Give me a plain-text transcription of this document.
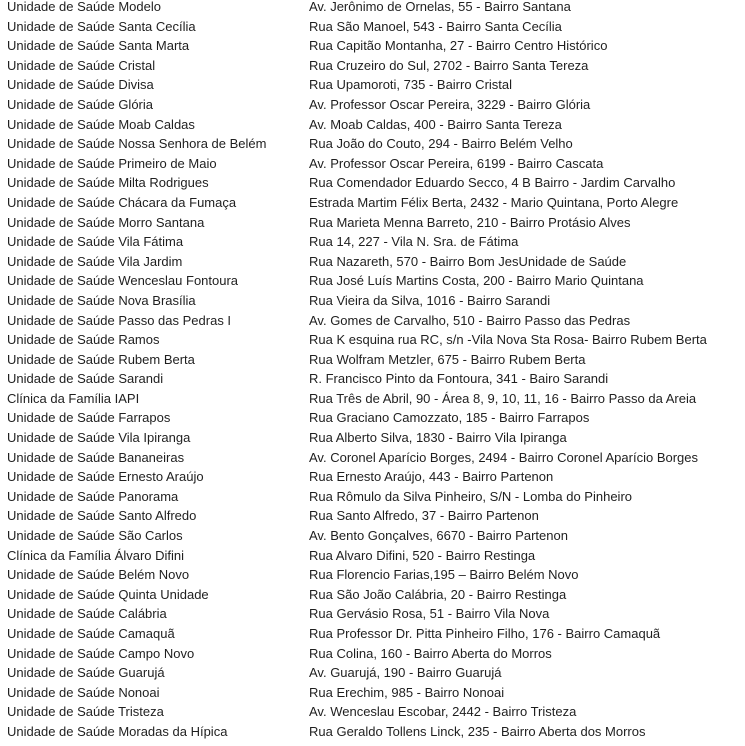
Unidade de Saúde Modelo	Av. Jerônimo de Ornelas, 55 - Bairro Santana
Unidade de Saúde Santa Cecília	Rua São Manoel, 543 - Bairro Santa Cecília
Unidade de Saúde Santa Marta	Rua Capitão Montanha, 27 - Bairro Centro Histórico
Unidade de Saúde Cristal	Rua Cruzeiro do Sul, 2702 - Bairro Santa Tereza
Unidade de Saúde Divisa	Rua Upamoroti, 735 - Bairro Cristal
Unidade de Saúde Glória	Av. Professor Oscar Pereira, 3229 - Bairro Glória
Unidade de Saúde Moab Caldas	Av. Moab Caldas, 400 - Bairro Santa Tereza
Unidade de Saúde Nossa Senhora de Belém	Rua João do Couto, 294 - Bairro Belém Velho
Unidade de Saúde Primeiro de Maio	Av. Professor Oscar Pereira, 6199 - Bairro Cascata
Unidade de Saúde Milta Rodrigues	Rua Comendador Eduardo Secco, 4 B Bairro - Jardim Carvalho
Unidade de Saúde Chácara da Fumaça	Estrada Martim Félix Berta, 2432 - Mario Quintana, Porto Alegre
Unidade de Saúde Morro Santana	Rua Marieta Menna Barreto, 210 - Bairro Protásio Alves
Unidade de Saúde Vila Fátima	Rua 14, 227 - Vila N. Sra. de Fátima
Unidade de Saúde Vila Jardim	Rua Nazareth, 570 - Bairro Bom JesUnidade de Saúde
Unidade de Saúde Wenceslau Fontoura	Rua José Luís Martins Costa, 200 - Bairro Mario Quintana
Unidade de Saúde Nova Brasília	Rua Vieira da Silva, 1016 - Bairro Sarandi
Unidade de Saúde Passo das Pedras I	Av. Gomes de Carvalho, 510 - Bairro Passo das Pedras
Unidade de Saúde Ramos	Rua K esquina rua RC, s/n -Vila Nova Sta Rosa- Bairro Rubem Berta
Unidade de Saúde Rubem Berta	Rua Wolfram Metzler, 675 - Bairro Rubem Berta
Unidade de Saúde Sarandi	R. Francisco Pinto da Fontoura, 341 - Bairo Sarandi
Clínica da Família IAPI	Rua Três de Abril, 90 - Área 8, 9, 10, 11, 16 - Bairro Passo da Areia
Unidade de Saúde Farrapos	Rua Graciano Camozzato, 185 - Bairro Farrapos
Unidade de Saúde Vila Ipiranga	Rua Alberto Silva, 1830 - Bairro Vila Ipiranga
Unidade de Saúde Bananeiras	Av. Coronel Aparício Borges, 2494 - Bairro Coronel Aparício Borges
Unidade de Saúde Ernesto Araújo	Rua Ernesto Araújo, 443 - Bairro Partenon
Unidade de Saúde Panorama	Rua Rômulo da Silva Pinheiro, S/N - Lomba do Pinheiro
Unidade de Saúde Santo Alfredo	Rua Santo Alfredo, 37 - Bairro Partenon
Unidade de Saúde São Carlos	Av. Bento Gonçalves, 6670 - Bairro Partenon
Clínica da Família Álvaro Difini	Rua Alvaro Difini, 520 - Bairro Restinga
Unidade de Saúde Belém Novo	Rua Florencio Farias,195 – Bairro Belém Novo
Unidade de Saúde Quinta Unidade	Rua São João Calábria, 20 - Bairro Restinga
Unidade de Saúde Calábria	Rua Gervásio Rosa, 51 - Bairro Vila Nova
Unidade de Saúde Camaquã	Rua Professor Dr. Pitta Pinheiro Filho, 176 - Bairro Camaquã
Unidade de Saúde Campo Novo	Rua Colina, 160 - Bairro Aberta do Morros
Unidade de Saúde Guarujá	Av. Guarujá, 190 - Bairro Guarujá
Unidade de Saúde Nonoai	Rua Erechim, 985 - Bairro Nonoai
Unidade de Saúde Tristeza	Av. Wenceslau Escobar, 2442 - Bairro Tristeza
Unidade de Saúde Moradas da Hípica	Rua Geraldo Tollens Linck, 235 - Bairro Aberta dos Morros
